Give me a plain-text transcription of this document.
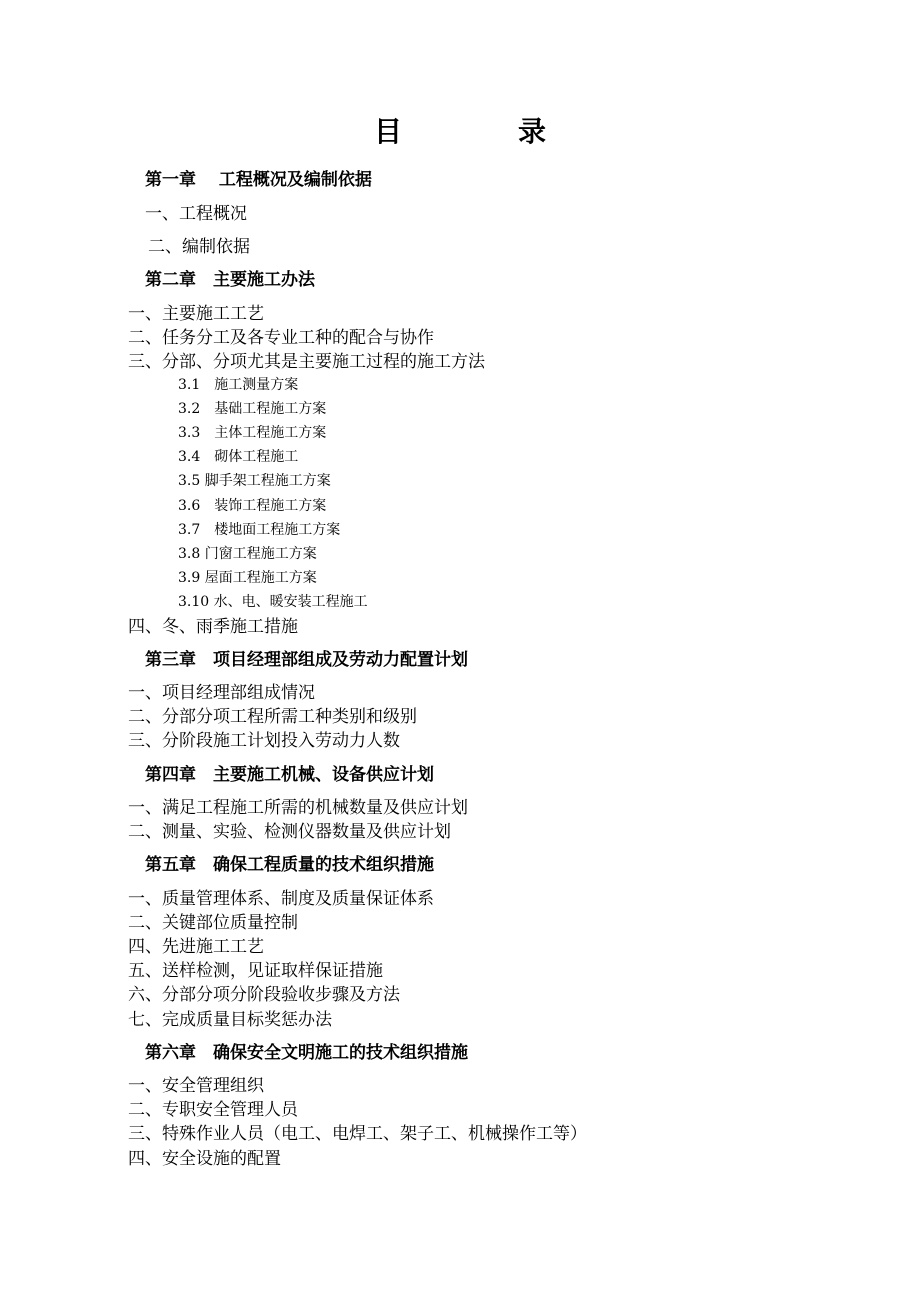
目　录
第一章　 工程概况及编制依据
一、工程概况
二、编制依据
第二章　主要施工办法
一、主要施工工艺
二、任务分工及各专业工种的配合与协作
三、分部、分项尤其是主要施工过程的施工方法
3.1　施工测量方案
3.2　基础工程施工方案
3.3　主体工程施工方案
3.4　砌体工程施工
3.5 脚手架工程施工方案
3.6　装饰工程施工方案
3.7　楼地面工程施工方案
3.8 门窗工程施工方案
3.9 屋面工程施工方案
3.10 水、电、暖安装工程施工
四、冬、雨季施工措施
第三章　项目经理部组成及劳动力配置计划
一、项目经理部组成情况
二、分部分项工程所需工种类别和级别
三、分阶段施工计划投入劳动力人数
第四章　主要施工机械、设备供应计划
一、满足工程施工所需的机械数量及供应计划
二、测量、实验、检测仪器数量及供应计划
第五章　确保工程质量的技术组织措施
一、质量管理体系、制度及质量保证体系
二、关键部位质量控制
四、先进施工工艺
五、送样检测，见证取样保证措施
六、分部分项分阶段验收步骤及方法
七、完成质量目标奖惩办法
第六章　确保安全文明施工的技术组织措施
一、安全管理组织
二、专职安全管理人员
三、特殊作业人员（电工、电焊工、架子工、机械操作工等）
四、安全设施的配置
